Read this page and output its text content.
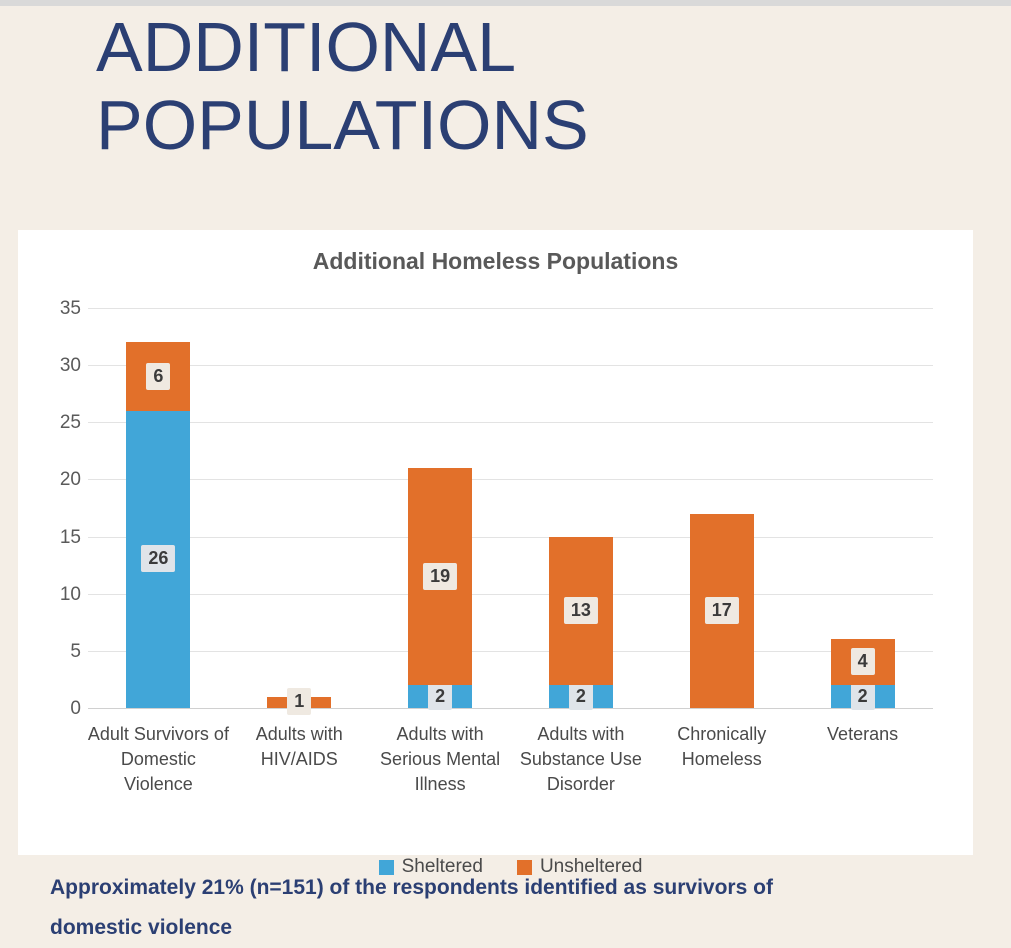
ADDITIONAL POPULATIONS
Additional Homeless Populations
0
5
10
15
20
25
30
35
26
6
1	2
19
2
13	17
2
4
Adult Survivors of
Domestic
Violence
Adults with
HIV/AIDS
Adults with
Serious Mental
Illness
Adults with
Substance Use
Disorder
Chronically
Homeless
Veterans
Sheltered	Unsheltered
Approximately 21% (n=151) of the respondents identified as survivors of
domestic violence
